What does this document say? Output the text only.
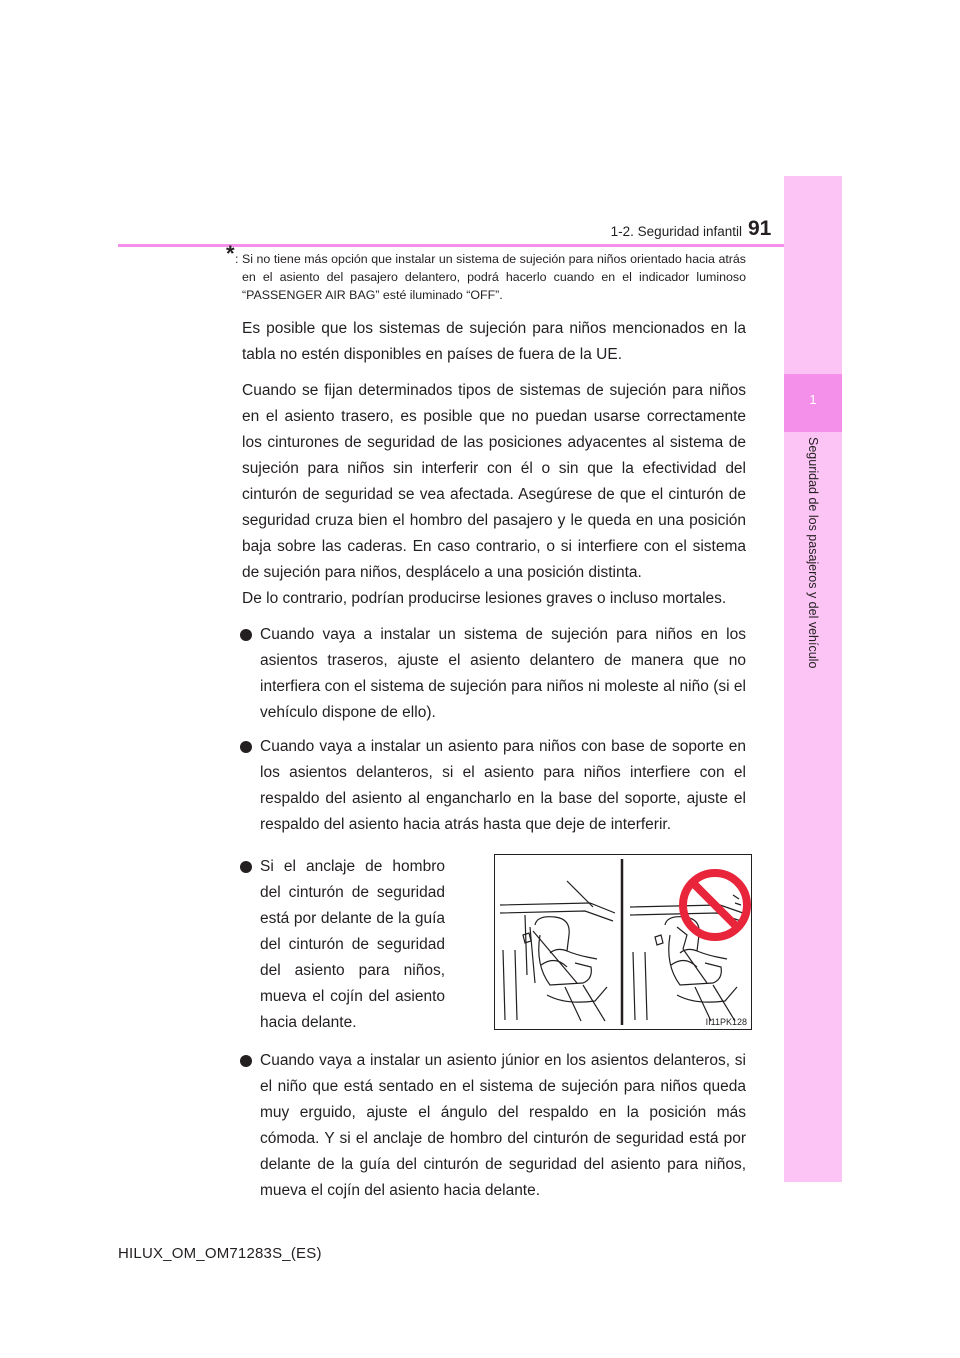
1
Seguridad de los pasajeros y del vehículo
91
1-2. Seguridad infantil
* : Si no tiene más opción que instalar un sistema de sujeción para niños orientado hacia atrás en el asiento del pasajero delantero, podrá hacerlo cuando en el indicador luminoso “PASSENGER AIR BAG” esté iluminado “OFF”.

Es posible que los sistemas de sujeción para niños mencionados en la tabla no estén disponibles en países de fuera de la UE.

Cuando se fijan determinados tipos de sistemas de sujeción para niños en el asiento trasero, es posible que no puedan usarse correctamente los cinturones de seguridad de las posiciones adyacentes al sistema de sujeción para niños sin interferir con él o sin que la efectividad del cinturón de seguridad se vea afectada. Asegúrese de que el cinturón de seguridad cruza bien el hombro del pasajero y le queda en una posición baja sobre las caderas. En caso contrario, o si interfiere con el sistema de sujeción para niños, desplácelo a una posición distinta.

De lo contrario, podrían producirse lesiones graves o incluso mortales.

Cuando vaya a instalar un sistema de sujeción para niños en los asientos traseros, ajuste el asiento delantero de manera que no interfiera con el sistema de sujeción para niños ni moleste al niño (si el vehículo dispone de ello).
Cuando vaya a instalar un asiento para niños con base de soporte en los asientos delanteros, si el asiento para niños interfiere con el respaldo del asiento al engancharlo en la base del soporte, ajuste el respaldo del asiento hacia atrás hasta que deje de interferir.
Si el anclaje de hombro del cinturón de seguridad está por delante de la guía del cinturón de seguridad del asiento para niños, mueva el cojín del asiento hacia delante.	II11PK128
Cuando vaya a instalar un asiento júnior en los asientos delanteros, si el niño que está sentado en el sistema de sujeción para niños queda muy erguido, ajuste el ángulo del respaldo en la posición más cómoda. Y si el anclaje de hombro del cinturón de seguridad está por delante de la guía del cinturón de seguridad del asiento para niños, mueva el cojín del asiento hacia delante.
HILUX_OM_OM71283S_(ES)
